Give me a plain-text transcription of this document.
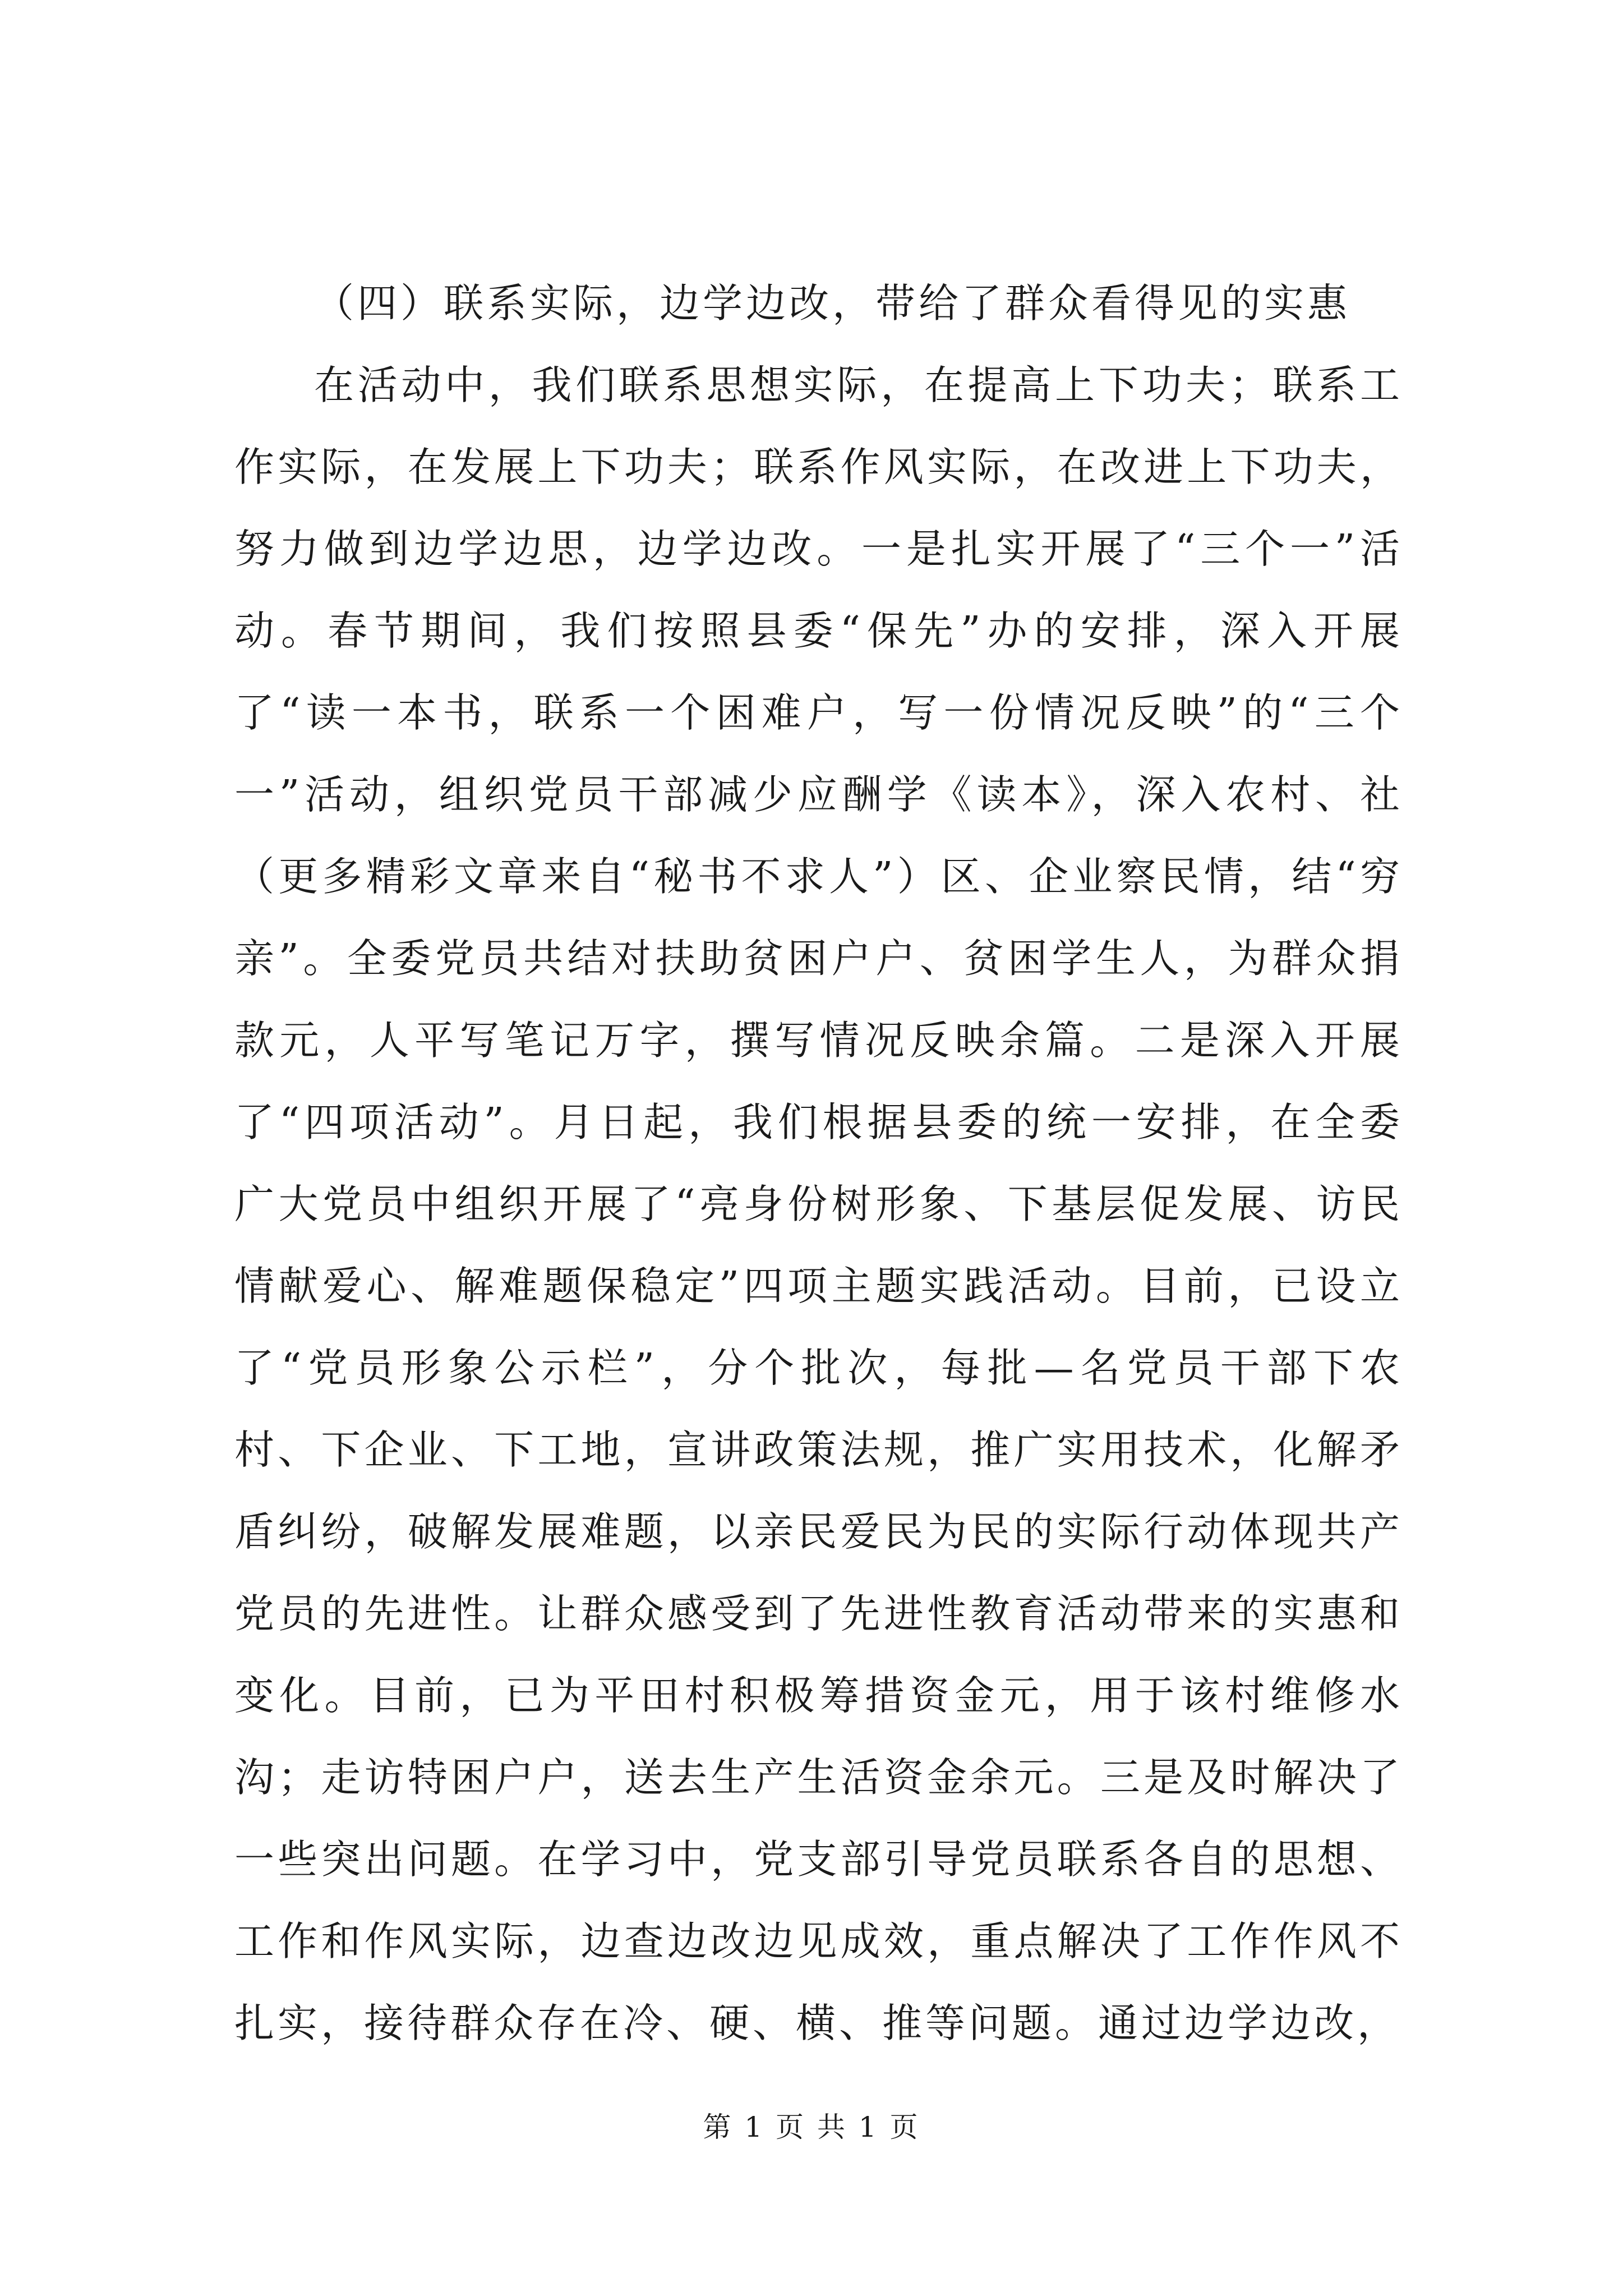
（四）联系实际，边学边改，带给了群众看得见的实惠

在活动中，我们联系思想实际，在提高上下功夫；联系工作实际，在发展上下功夫；联系作风实际，在改进上下功夫，努力做到边学边思，边学边改。一是扎实开展了“三个一”活动。春节期间，我们按照县委“保先”办的安排，深入开展了“读一本书，联系一个困难户，写一份情况反映”的“三个一”活动，组织党员干部减少应酬学《读本》，深入农村、社（更多精彩文章来自“秘书不求人”）区、企业察民情，结“穷亲”。全委党员共结对扶助贫困户户、贫困学生人，为群众捐款元，人平写笔记万字，撰写情况反映余篇。二是深入开展了“四项活动”。月日起，我们根据县委的统一安排，在全委广大党员中组织开展了“亮身份树形象、下基层促发展、访民情献爱心、解难题保稳定”四项主题实践活动。目前，已设立了“党员形象公示栏”，分个批次，每批—名党员干部下农村、下企业、下工地，宣讲政策法规，推广实用技术，化解矛盾纠纷，破解发展难题，以亲民爱民为民的实际行动体现共产党员的先进性。让群众感受到了先进性教育活动带来的实惠和变化。目前，已为平田村积极筹措资金元，用于该村维修水沟；走访特困户户，送去生产生活资金余元。三是及时解决了一些突出问题。在学习中，党支部引导党员联系各自的思想、工作和作风实际，边查边改边见成效，重点解决了工作作风不扎实，接待群众存在冷、硬、横、推等问题。通过边学边改，

第 1 页 共 1 页
